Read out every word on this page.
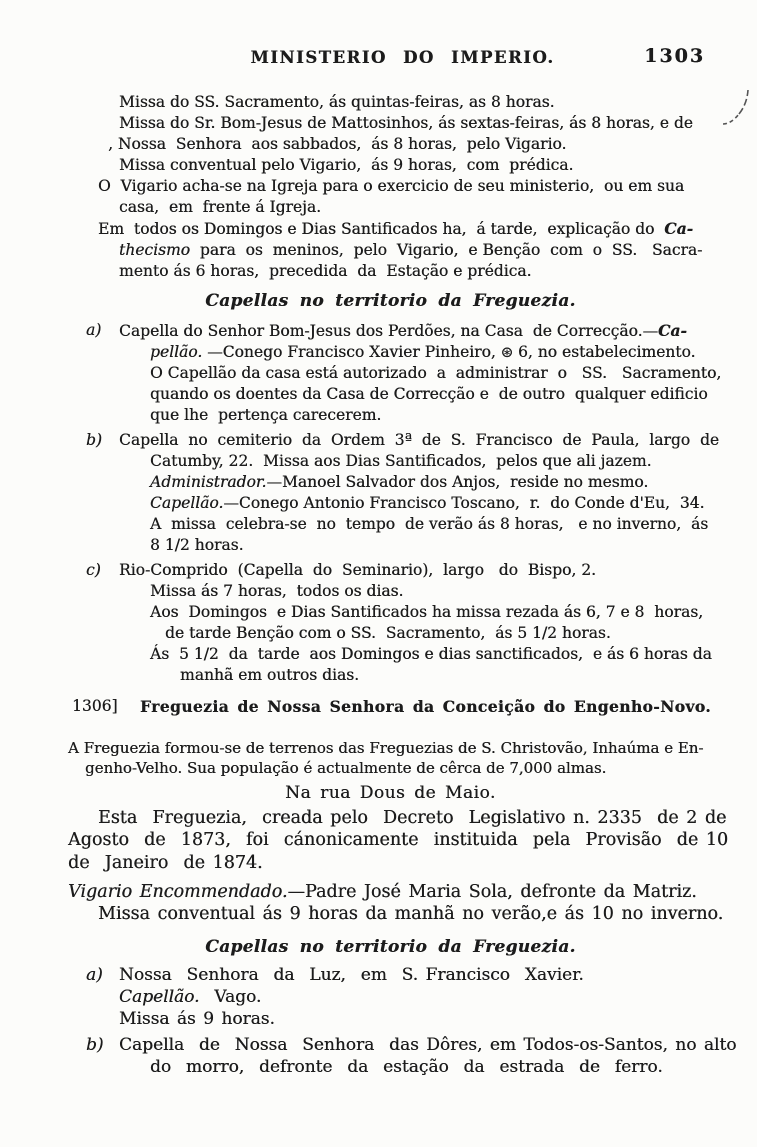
MINISTERIO DO IMPERIO.	1303
Missa do SS. Sacramento, ás quintas-feiras, as 8 horas.
Missa do Sr. Bom-Jesus de Mattosinhos, ás sextas-feiras, ás 8 horas, e de
‚ Nossa  Senhora  aos sabbados,  ás 8 horas,  pelo Vigario.
Missa conventual pelo Vigario,  ás 9 horas,  com  prédica.
O  Vigario acha-se na Igreja para o exercicio de seu ministerio,  ou em sua
casa,  em  frente á Igreja.
Em  todos os Domingos e Dias Santificados ha,  á tarde,  explicação do  Ca-
thecismo  para  os  meninos,  pelo  Vigario,  e Benção  com  o  SS.   Sacra-
mento ás 6 horas,  precedida  da  Estação e prédica.
Capellas no territorio da Freguezia.
a) Capella do Senhor Bom-Jesus dos Perdões, na Casa  de Correcção.—Ca-
pellão. —Conego Francisco Xavier Pinheiro, ⊛ 6, no estabelecimento.
O Capellão da casa está autorizado  a  administrar  o   SS.   Sacramento,
quando os doentes da Casa de Correcção e  de outro  qualquer edificio
que lhe  pertença carecerem.
b) Capella  no  cemiterio  da  Ordem  3ª  de  S.  Francisco  de  Paula,  largo  de
Catumby, 22.  Missa aos Dias Santificados,  pelos que ali jazem.
Administrador.—Manoel Salvador dos Anjos,  reside no mesmo.
Capellão.—Conego Antonio Francisco Toscano,  r.  do Conde d'Eu,  34.
A  missa  celebra-se  no  tempo  de verão ás 8 horas,   e no inverno,  ás
8 1/2 horas.
c) Rio-Comprido  (Capella  do  Seminario),  largo   do  Bispo, 2.
Missa ás 7 horas,  todos os dias.
Aos  Domingos  e Dias Santificados ha missa rezada ás 6, 7 e 8  horas,
de tarde Benção com o SS.  Sacramento,  ás 5 1/2 horas.
Ás  5 1/2  da  tarde  aos Domingos e dias sanctificados,  e ás 6 horas da
manhã em outros dias.
1306]	Freguezia de Nossa Senhora da Conceição do Engenho-Novo.
A Freguezia formou-se de terrenos das Freguezias de S. Christovão, Inhaúma e En-
genho-Velho. Sua população é actualmente de cêrca de 7,000 almas.
Na rua Dous de Maio.
Esta  Freguezia,  creada pelo  Decreto  Legislativo n. 2335  de 2 de
Agosto  de  1873,  foi  cánonicamente  instituida  pela  Provisão  de 10
de  Janeiro  de 1874.
Vigario Encommendado.—Padre José Maria Sola, defronte da Matriz.
Missa conventual ás 9 horas da manhã no verão,e ás 10 no inverno.
Capellas no territorio da Freguezia.
a) Nossa  Senhora  da  Luz,  em  S. Francisco  Xavier.
Capellão.  Vago.
Missa ás 9 horas.
b) Capella  de  Nossa  Senhora  das Dôres, em Todos-os-Santos, no alto
do  morro,  defronte  da  estação  da  estrada  de  ferro.
